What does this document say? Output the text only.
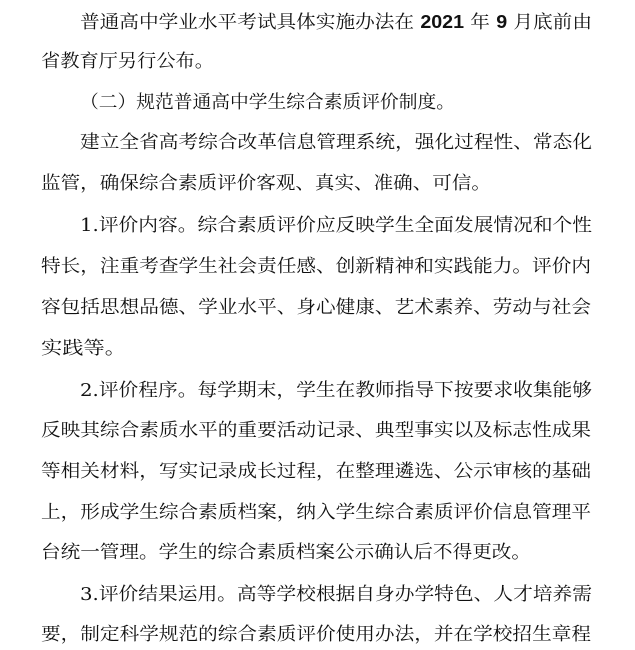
普通高中学业水平考试具体实施办法在 2021 年 9 月底前由
省教育厅另行公布。
（二）规范普通高中学生综合素质评价制度。
建立全省高考综合改革信息管理系统，强化过程性、常态化
监管，确保综合素质评价客观、真实、准确、可信。
1.评价内容。综合素质评价应反映学生全面发展情况和个性
特长，注重考查学生社会责任感、创新精神和实践能力。评价内
容包括思想品德、学业水平、身心健康、艺术素养、劳动与社会
实践等。
2.评价程序。每学期末，学生在教师指导下按要求收集能够
反映其综合素质水平的重要活动记录、典型事实以及标志性成果
等相关材料，写实记录成长过程，在整理遴选、公示审核的基础
上，形成学生综合素质档案，纳入学生综合素质评价信息管理平
台统一管理。学生的综合素质档案公示确认后不得更改。
3.评价结果运用。高等学校根据自身办学特色、人才培养需
要，制定科学规范的综合素质评价使用办法，并在学校招生章程
